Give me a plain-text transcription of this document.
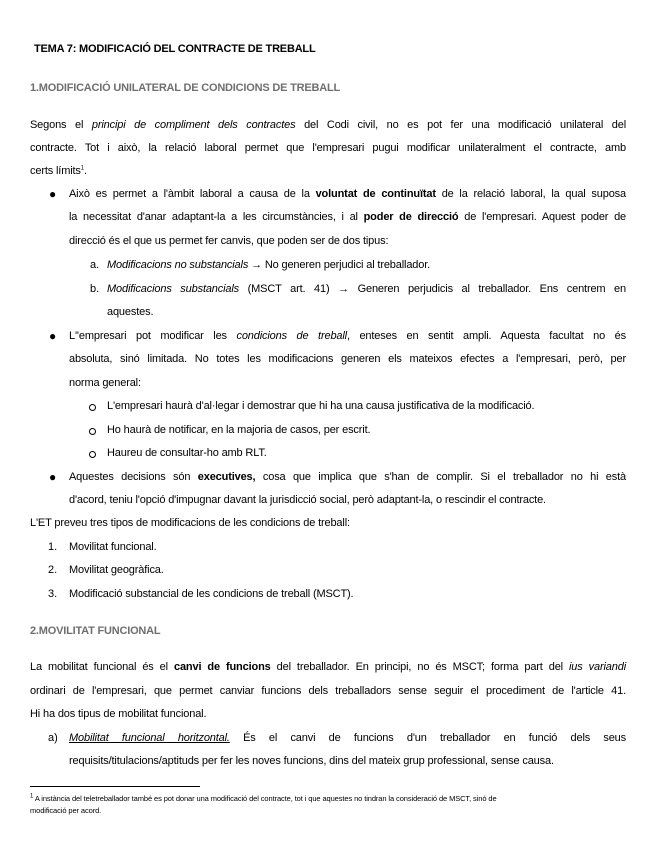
TEMA 7: MODIFICACIÓ DEL CONTRACTE DE TREBALL
1.MODIFICACIÓ UNILATERAL DE CONDICIONS DE TREBALL
Segons el principi de compliment dels contractes del Codi civil, no es pot fer una modificació unilateral del
contracte. Tot i això, la relació laboral permet que l'empresari pugui modificar unilateralment el contracte, amb
certs límits$^1$.
● Això es permet a l'àmbit laboral a causa de la voluntat de continuïtat de la relació laboral, la qual suposa
la necessitat d'anar adaptant-la a les circumstàncies, i al poder de direcció de l'empresari. Aquest poder de
direcció és el que us permet fer canvis, que poden ser de dos tipus:
a. Modificacions no substancials → No generen perjudici al treballador.
b. Modificacions substancials (MSCT art. 41) → Generen perjudicis al treballador. Ens centrem en
aquestes.
● L''empresari pot modificar les condicions de treball, enteses en sentit ampli. Aquesta facultat no és
absoluta, sinó limitada. No totes les modificacions generen els mateixos efectes a l'empresari, però, per
norma general:
L'empresari haurà d'al·legar i demostrar que hi ha una causa justificativa de la modificació.
Ho haurà de notificar, en la majoria de casos, per escrit.
Haureu de consultar-ho amb RLT.
● Aquestes decisions són executives, cosa que implica que s'han de complir. Si el treballador no hi està
d'acord, teniu l'opció d'impugnar davant la jurisdicció social, però adaptant-la, o rescindir el contracte.
L'ET preveu tres tipos de modificacions de les condicions de treball:
1. Movilitat funcional.
2. Movilitat geogràfica.
3. Modificació substancial de les condicions de treball (MSCT).
2.MOVILITAT FUNCIONAL
La mobilitat funcional és el canvi de funcions del treballador. En principi, no és MSCT; forma part del ius variandi
ordinari de l'empresari, que permet canviar funcions dels treballadors sense seguir el procediment de l'article 41.
Hi ha dos tipus de mobilitat funcional.
a) Mobilitat funcional horitzontal. És el canvi de funcions d'un treballador en funció dels seus
requisits/titulacions/aptituds per fer les noves funcions, dins del mateix grup professional, sense causa.
$^1$ A instància del teletreballador també es pot donar una modificació del contracte, tot i que aquestes no tindran la consideració de MSCT, sinó de
modificació per acord.
